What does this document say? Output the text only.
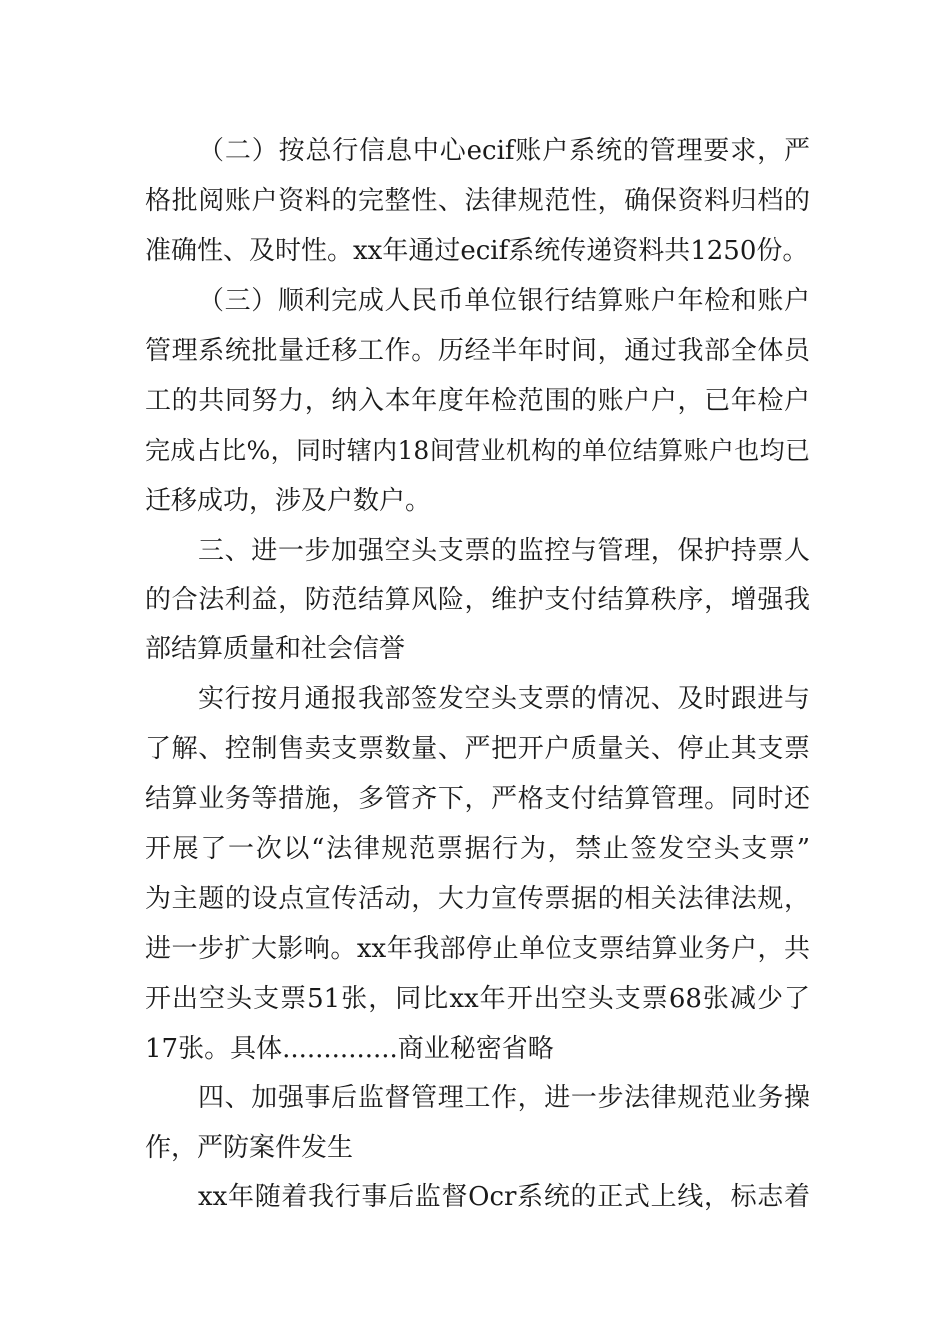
（二）按总行信息中心ecif账户系统的管理要求，严
格批阅账户资料的完整性、法律规范性，确保资料归档的
准确性、及时性。xx年通过ecif系统传递资料共1250份。
（三）顺利完成人民币单位银行结算账户年检和账户
管理系统批量迁移工作。历经半年时间，通过我部全体员
工的共同努力，纳入本年度年检范围的账户户，已年检户
完成占比%，同时辖内18间营业机构的单位结算账户也均已
迁移成功，涉及户数户。
三、进一步加强空头支票的监控与管理，保护持票人
的合法利益，防范结算风险，维护支付结算秩序，增强我
部结算质量和社会信誉
实行按月通报我部签发空头支票的情况、及时跟进与
了解、控制售卖支票数量、严把开户质量关、停止其支票
结算业务等措施，多管齐下，严格支付结算管理。同时还
开展了一次以“法律规范票据行为，禁止签发空头支票”
为主题的设点宣传活动，大力宣传票据的相关法律法规，
进一步扩大影响。xx年我部停止单位支票结算业务户，共
开出空头支票51张，同比xx年开出空头支票68张减少了
17张。具体..............商业秘密省略
四、加强事后监督管理工作，进一步法律规范业务操
作，严防案件发生
xx年随着我行事后监督Ocr系统的正式上线，标志着
